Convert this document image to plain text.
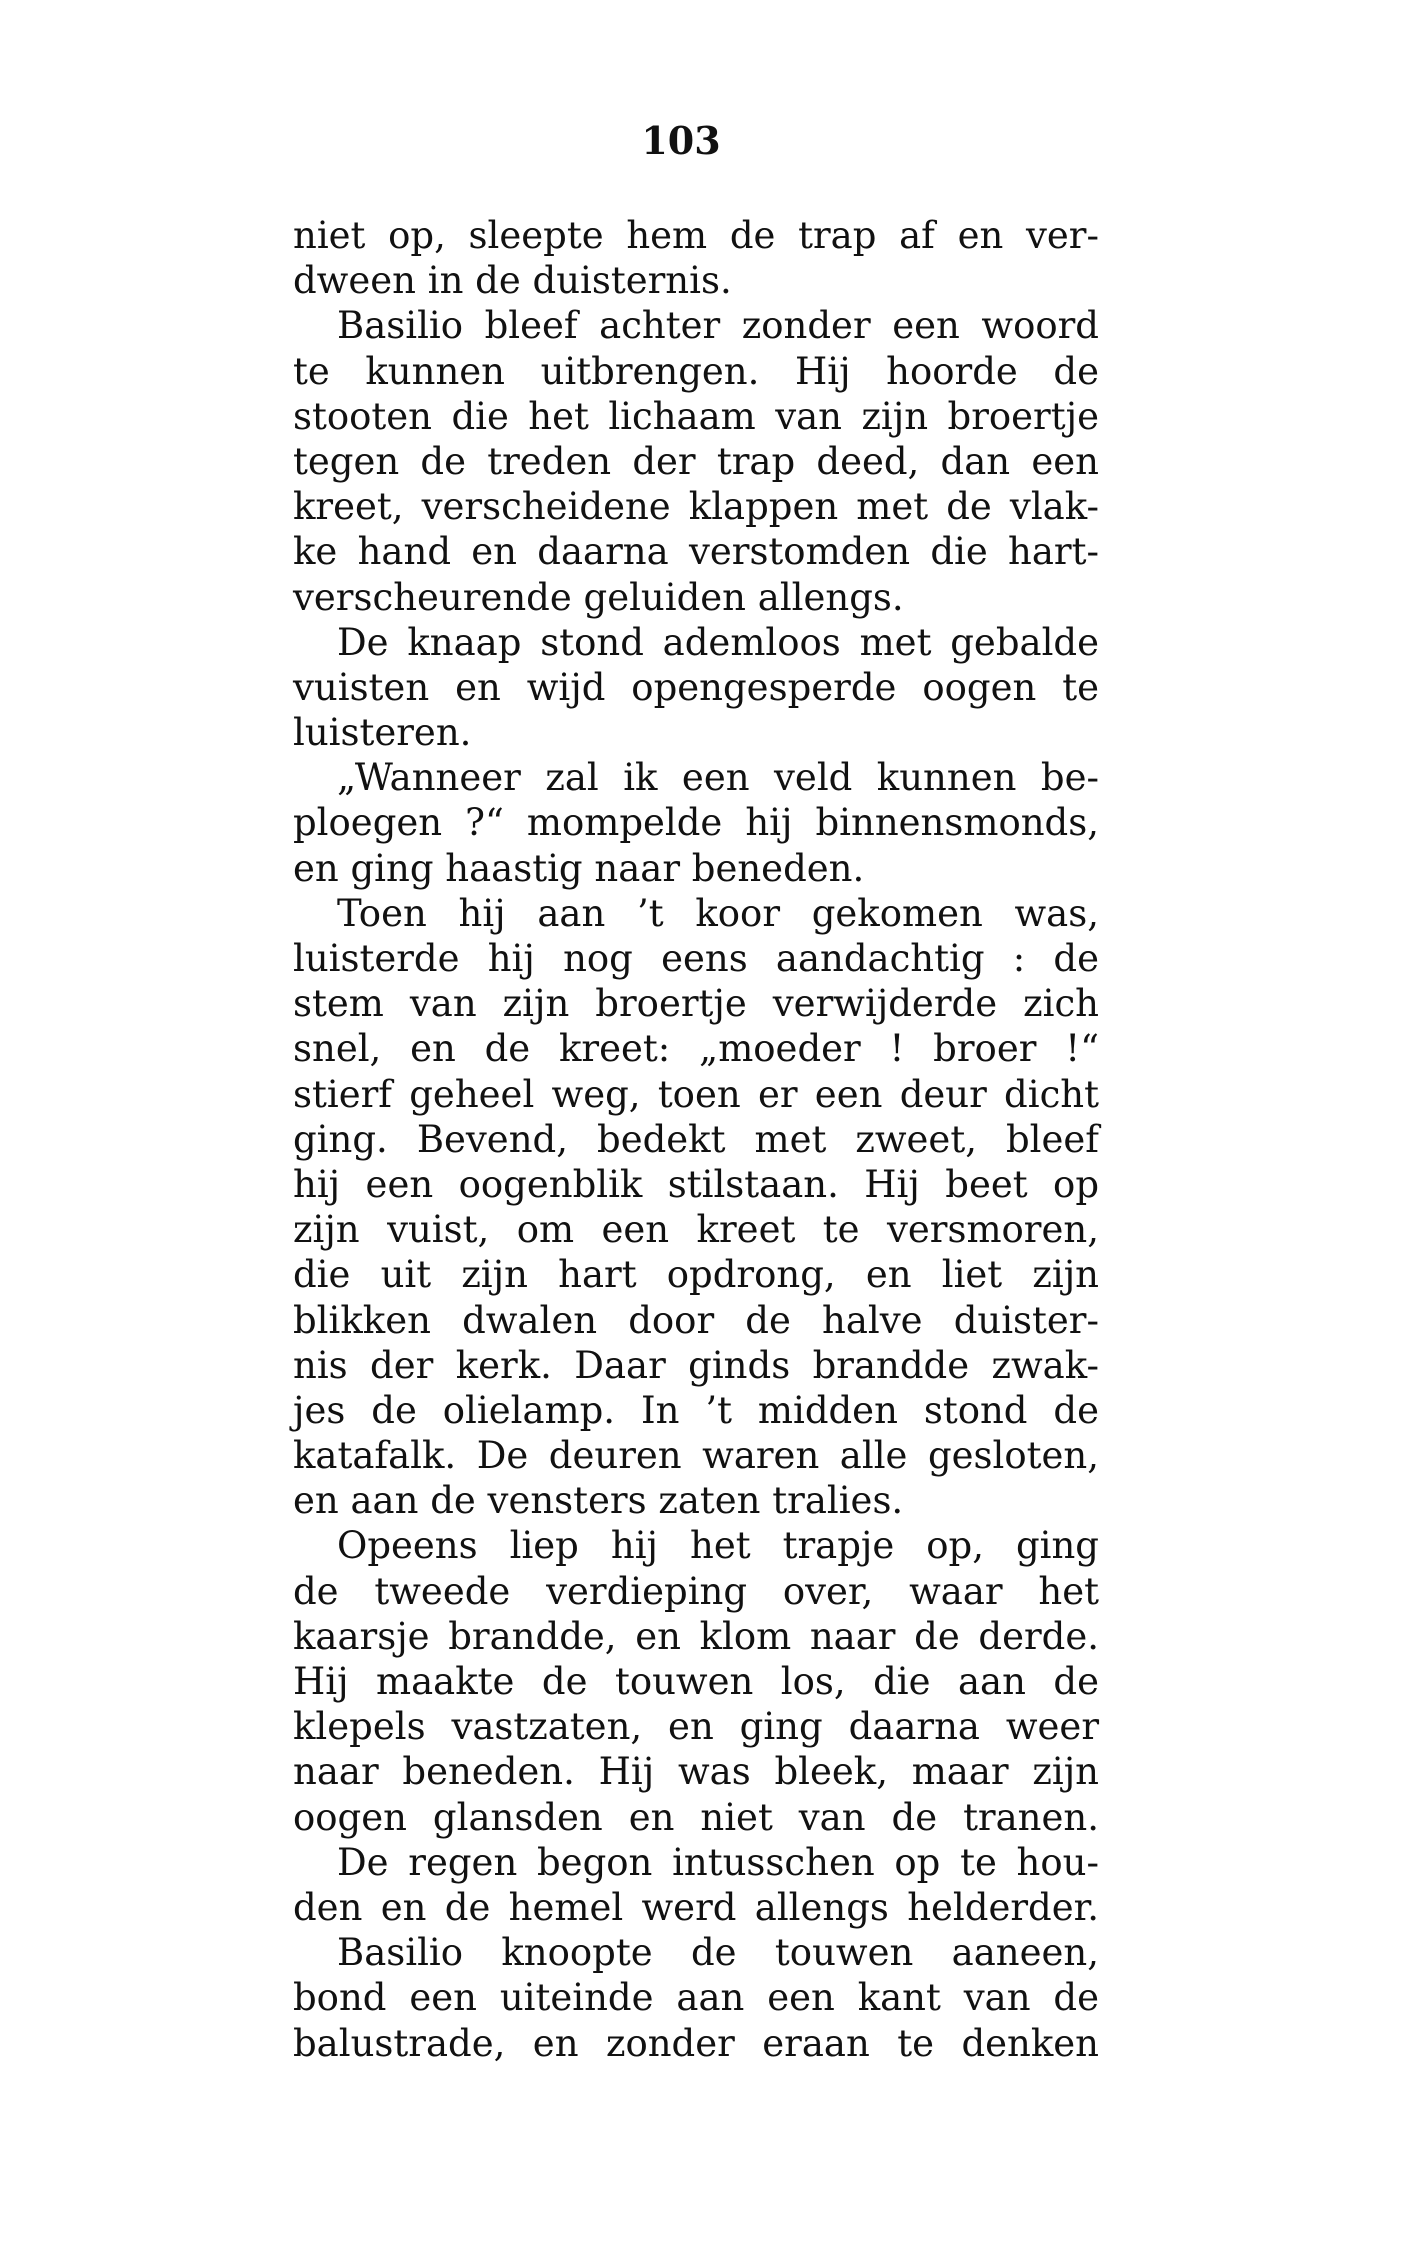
103
niet op, sleepte hem de trap af en ver-
dween in de duisternis.
Basilio bleef achter zonder een woord
te kunnen uitbrengen. Hij hoorde de
stooten die het lichaam van zijn broertje
tegen de treden der trap deed, dan een
kreet, verscheidene klappen met de vlak-
ke hand en daarna verstomden die hart-
verscheurende geluiden allengs.
De knaap stond ademloos met gebalde
vuisten en wijd opengesperde oogen te
luisteren.
„Wanneer zal ik een veld kunnen be-
ploegen ?“ mompelde hij binnensmonds,
en ging haastig naar beneden.
Toen hij aan ’t koor gekomen was,
luisterde hij nog eens aandachtig : de
stem van zijn broertje verwijderde zich
snel, en de kreet: „moeder ! broer !“
stierf geheel weg, toen er een deur dicht
ging. Bevend, bedekt met zweet, bleef
hij een oogenblik stilstaan. Hij beet op
zijn vuist, om een kreet te versmoren,
die uit zijn hart opdrong, en liet zijn
blikken dwalen door de halve duister-
nis der kerk. Daar ginds brandde zwak-
jes de olielamp. In ’t midden stond de
katafalk. De deuren waren alle gesloten,
en aan de vensters zaten tralies.
Opeens liep hij het trapje op, ging
de tweede verdieping over, waar het
kaarsje brandde, en klom naar de derde.
Hij maakte de touwen los, die aan de
klepels vastzaten, en ging daarna weer
naar beneden. Hij was bleek, maar zijn
oogen glansden en niet van de tranen.
De regen begon intusschen op te hou-
den en de hemel werd allengs helderder.
Basilio knoopte de touwen aaneen,
bond een uiteinde aan een kant van de
balustrade, en zonder eraan te denken
